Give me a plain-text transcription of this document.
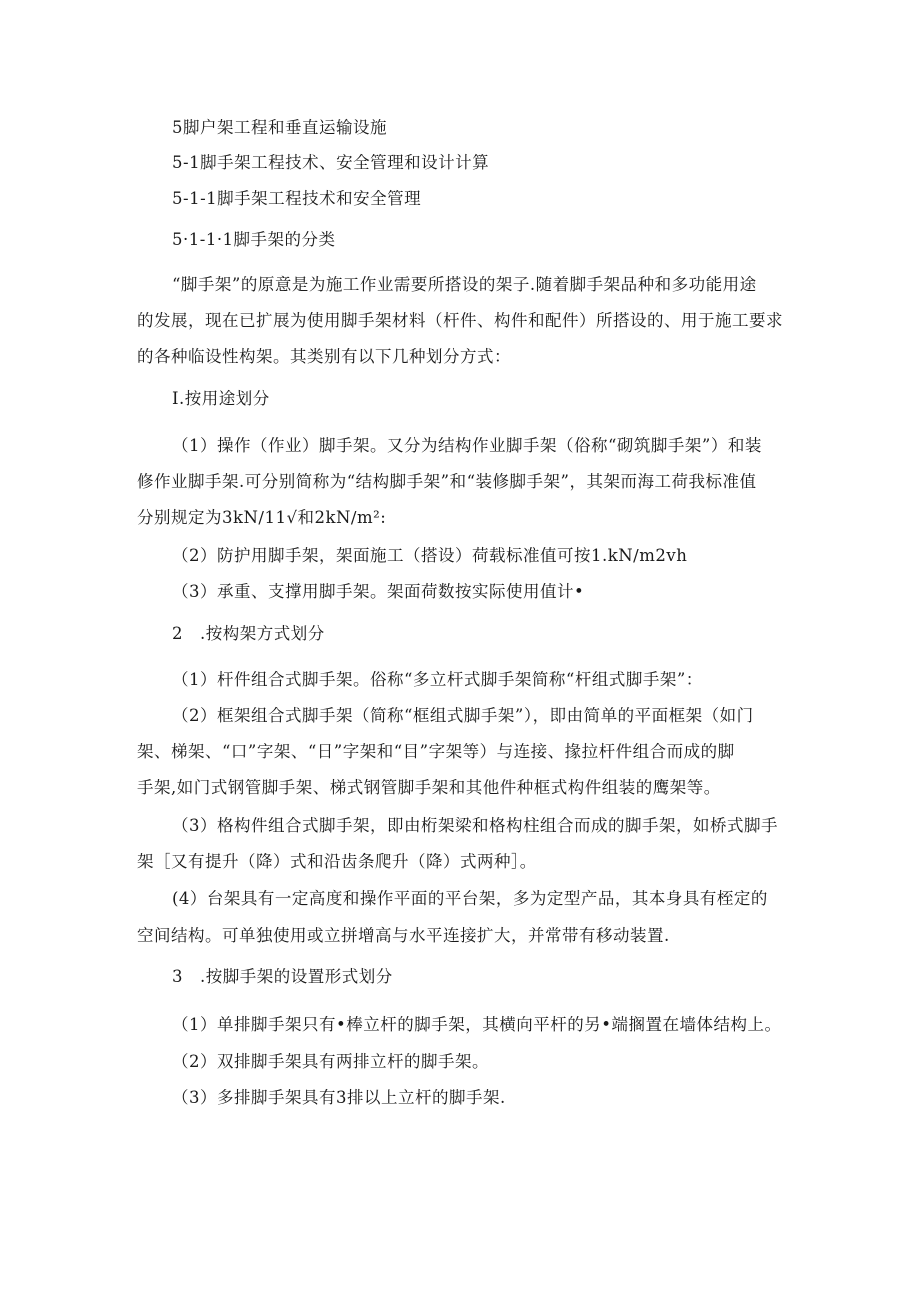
5脚户架工程和垂直运输设施
5-1脚手架工程技术、安全管理和设计计算
5-1-1脚手架工程技术和安全管理
5·1-1·1脚手架的分类
“脚手架”的原意是为施工作业需要所搭设的架子.随着脚手架品种和多功能用途
的发展，现在已扩展为使用脚手架材料（杆件、构件和配件）所搭设的、用于施工要求
的各种临设性构架。其类别有以下几种划分方式：
I.按用途划分
（1）操作（作业）脚手架。又分为结构作业脚手架（俗称“砌筑脚手架”）和装
修作业脚手架.可分别简称为“结构脚手架”和“装修脚手架”，其架而海工荷我标准值
分别规定为3kN∕11√和2kN∕m²:
（2）防护用脚手架，架面施工（搭设）荷载标准值可按1.kN∕m2vh
（3）承重、支撑用脚手架。架面荷数按实际使用值计•
2　.按构架方式划分
（1）杆件组合式脚手架。俗称“多立杆式脚手架简称“杆组式脚手架”：
（2）框架组合式脚手架（简称“框组式脚手架”），即由简单的平面框架（如门
架、梯架、“口”字架、“日”字架和“目”字架等）与连接、掾拉杆件组合而成的脚
手架,如门式钢管脚手架、梯式钢管脚手架和其他件种框式构件组装的鹰架等。
（3）格构件组合式脚手架，即由桁架梁和格构柱组合而成的脚手架，如桥式脚手
架［又有提升（降）式和沿齿条爬升（降）式两种］。
(4）台架具有一定高度和操作平面的平台架，多为定型产品，其本身具有桎定的
空间结构。可单独使用或立拼增高与水平连接扩大，并常带有移动装置.
3　.按脚手架的设置形式划分
（1）单排脚手架只有•棒立杆的脚手架，其横向平杆的另•端搁置在墙体结构上。
（2）双排脚手架具有两排立杆的脚手架。
（3）多排脚手架具有3排以上立杆的脚手架.
